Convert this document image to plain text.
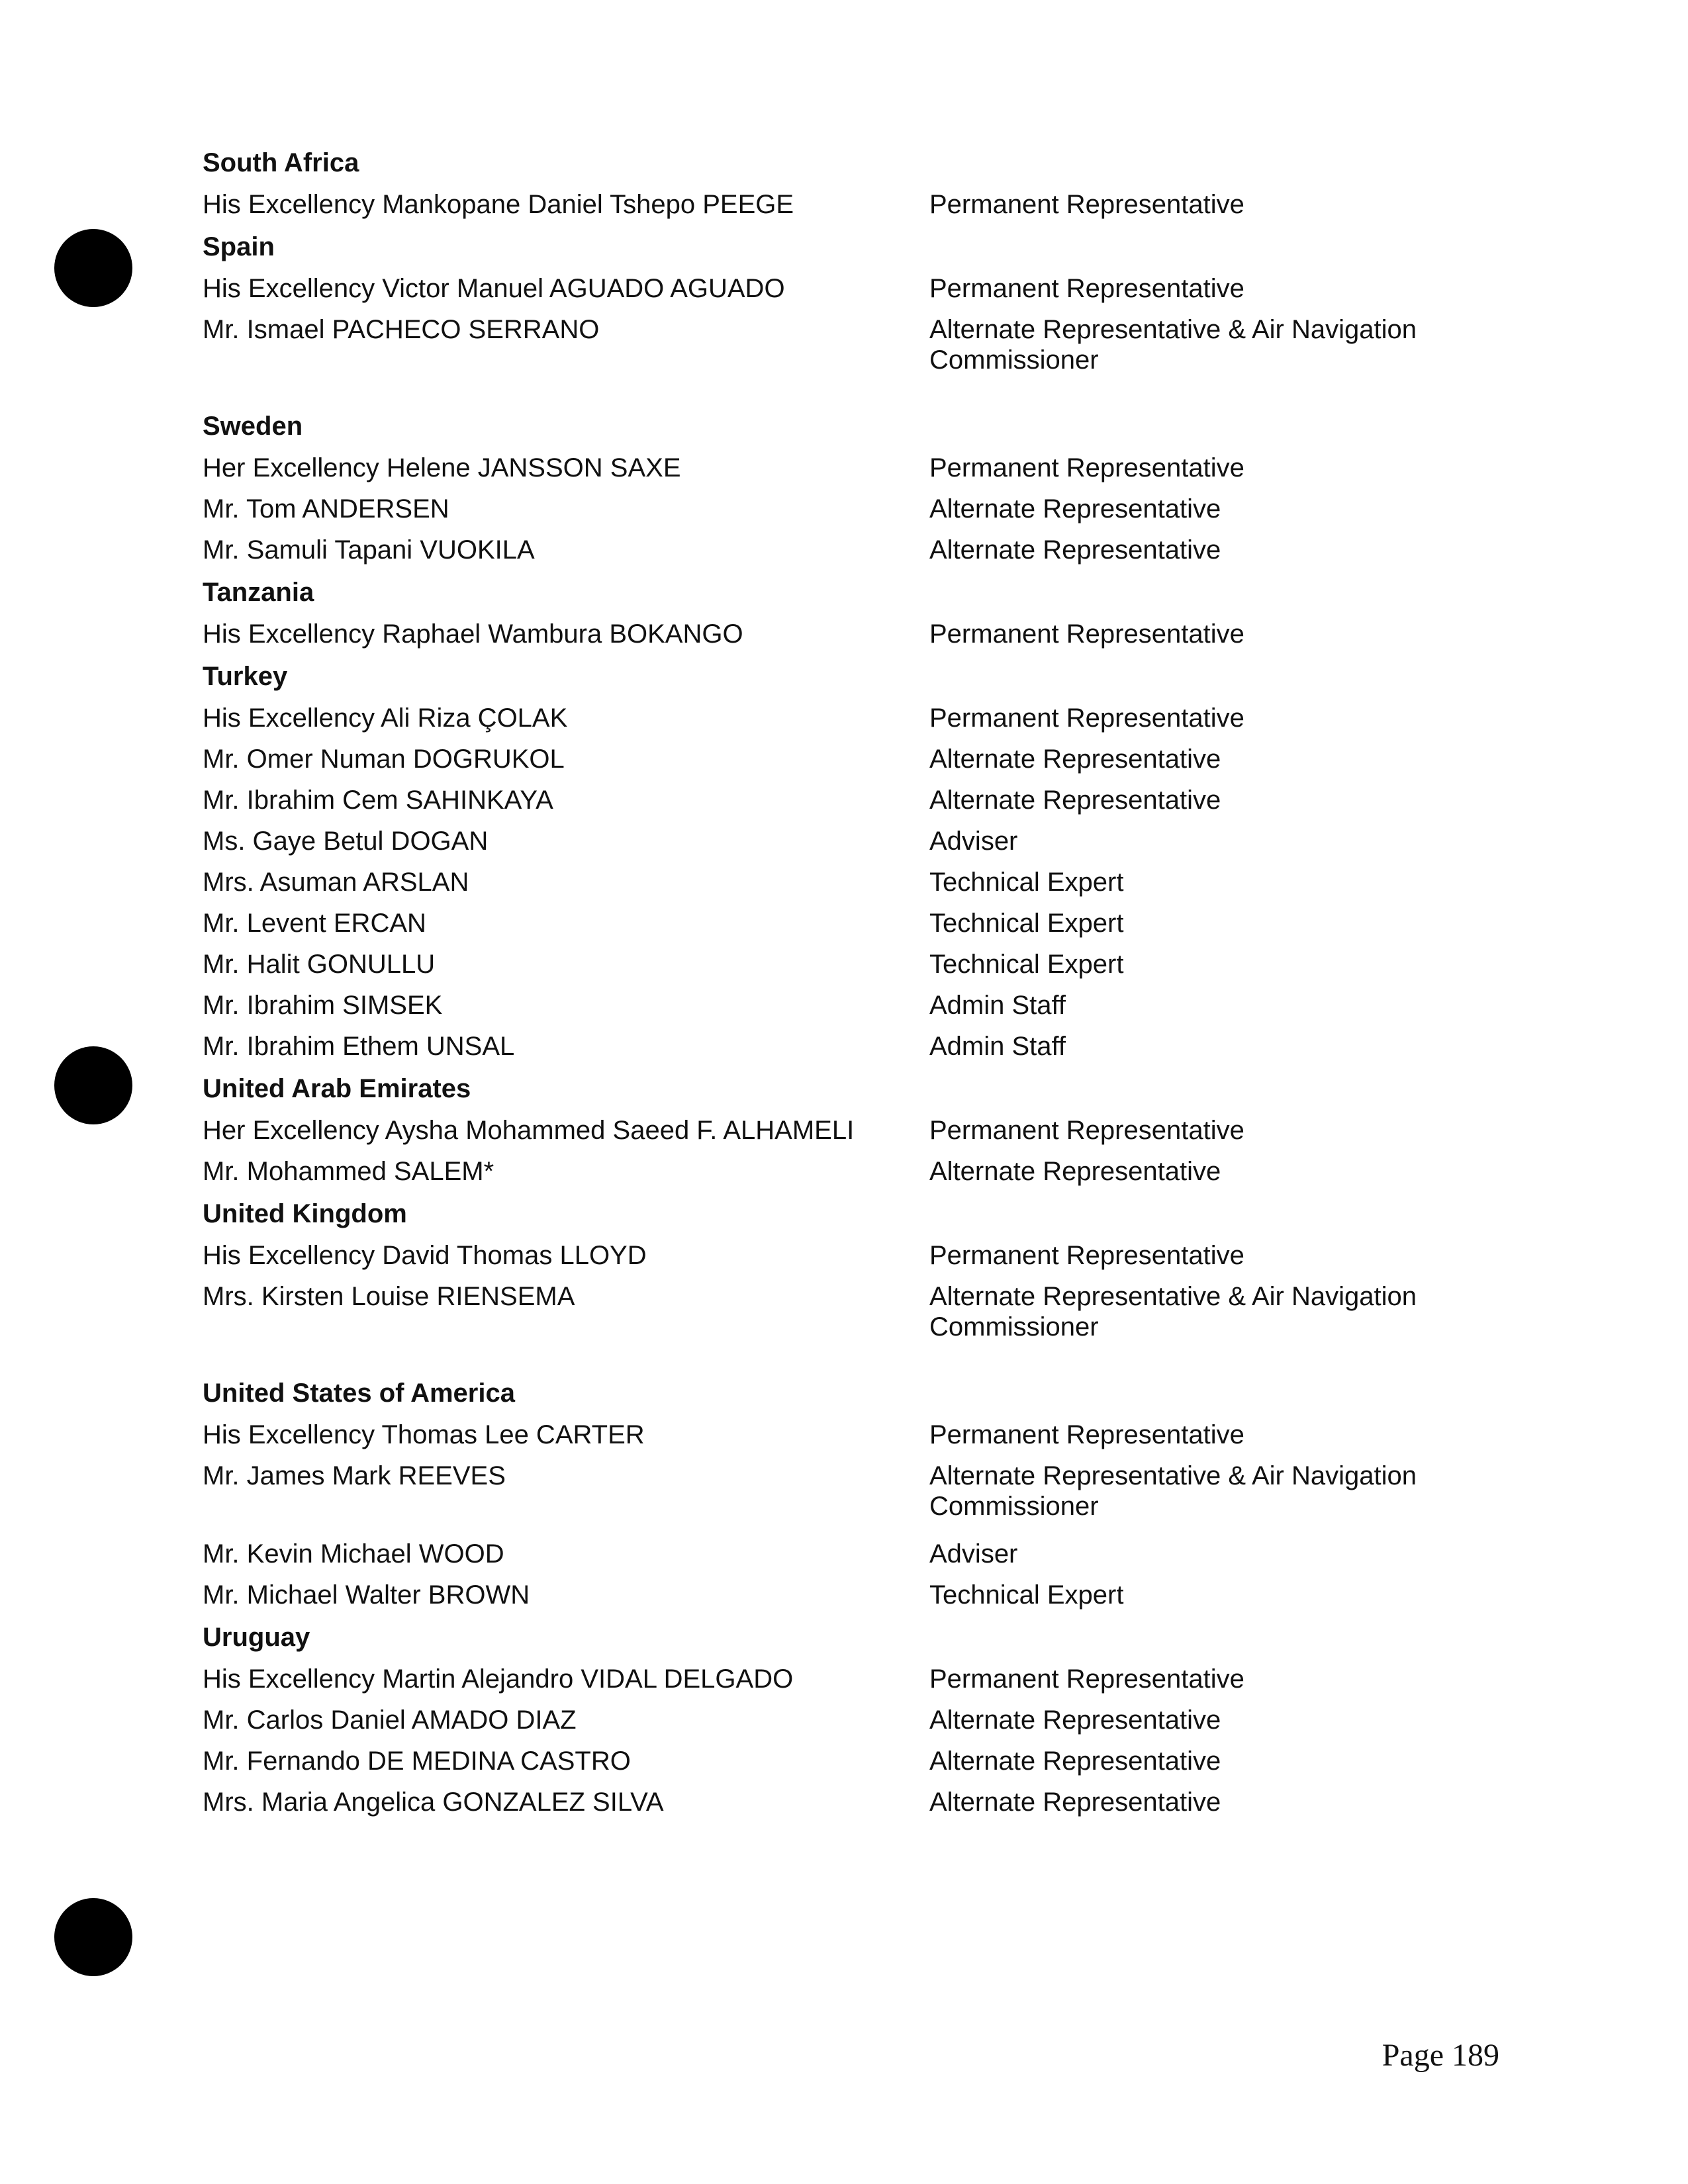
South Africa
His Excellency Mankopane Daniel Tshepo PEEGE	Permanent Representative
Spain
His Excellency Victor Manuel AGUADO AGUADO	Permanent Representative
Mr. Ismael PACHECO SERRANO	Alternate Representative & Air Navigation Commissioner
Sweden
Her Excellency Helene JANSSON SAXE	Permanent Representative
Mr. Tom ANDERSEN	Alternate Representative
Mr. Samuli Tapani VUOKILA	Alternate Representative
Tanzania
His Excellency Raphael Wambura BOKANGO	Permanent Representative
Turkey
His Excellency Ali Riza ÇOLAK	Permanent Representative
Mr. Omer Numan DOGRUKOL	Alternate Representative
Mr. Ibrahim Cem SAHINKAYA	Alternate Representative
Ms. Gaye Betul DOGAN	Adviser
Mrs. Asuman ARSLAN	Technical Expert
Mr. Levent ERCAN	Technical Expert
Mr. Halit GONULLU	Technical Expert
Mr. Ibrahim SIMSEK	Admin Staff
Mr. Ibrahim Ethem UNSAL	Admin Staff
United Arab Emirates
Her Excellency Aysha Mohammed Saeed F. ALHAMELI	Permanent Representative
Mr. Mohammed SALEM*	Alternate Representative
United Kingdom
His Excellency David Thomas LLOYD	Permanent Representative
Mrs. Kirsten Louise RIENSEMA	Alternate Representative & Air Navigation Commissioner
United States of America
His Excellency Thomas Lee CARTER	Permanent Representative
Mr. James Mark REEVES	Alternate Representative & Air Navigation Commissioner
Mr. Kevin Michael WOOD	Adviser
Mr. Michael Walter BROWN	Technical Expert
Uruguay
His Excellency Martin Alejandro VIDAL DELGADO	Permanent Representative
Mr. Carlos Daniel AMADO DIAZ	Alternate Representative
Mr. Fernando DE MEDINA CASTRO	Alternate Representative
Mrs. Maria Angelica GONZALEZ SILVA	Alternate Representative
Page 189
